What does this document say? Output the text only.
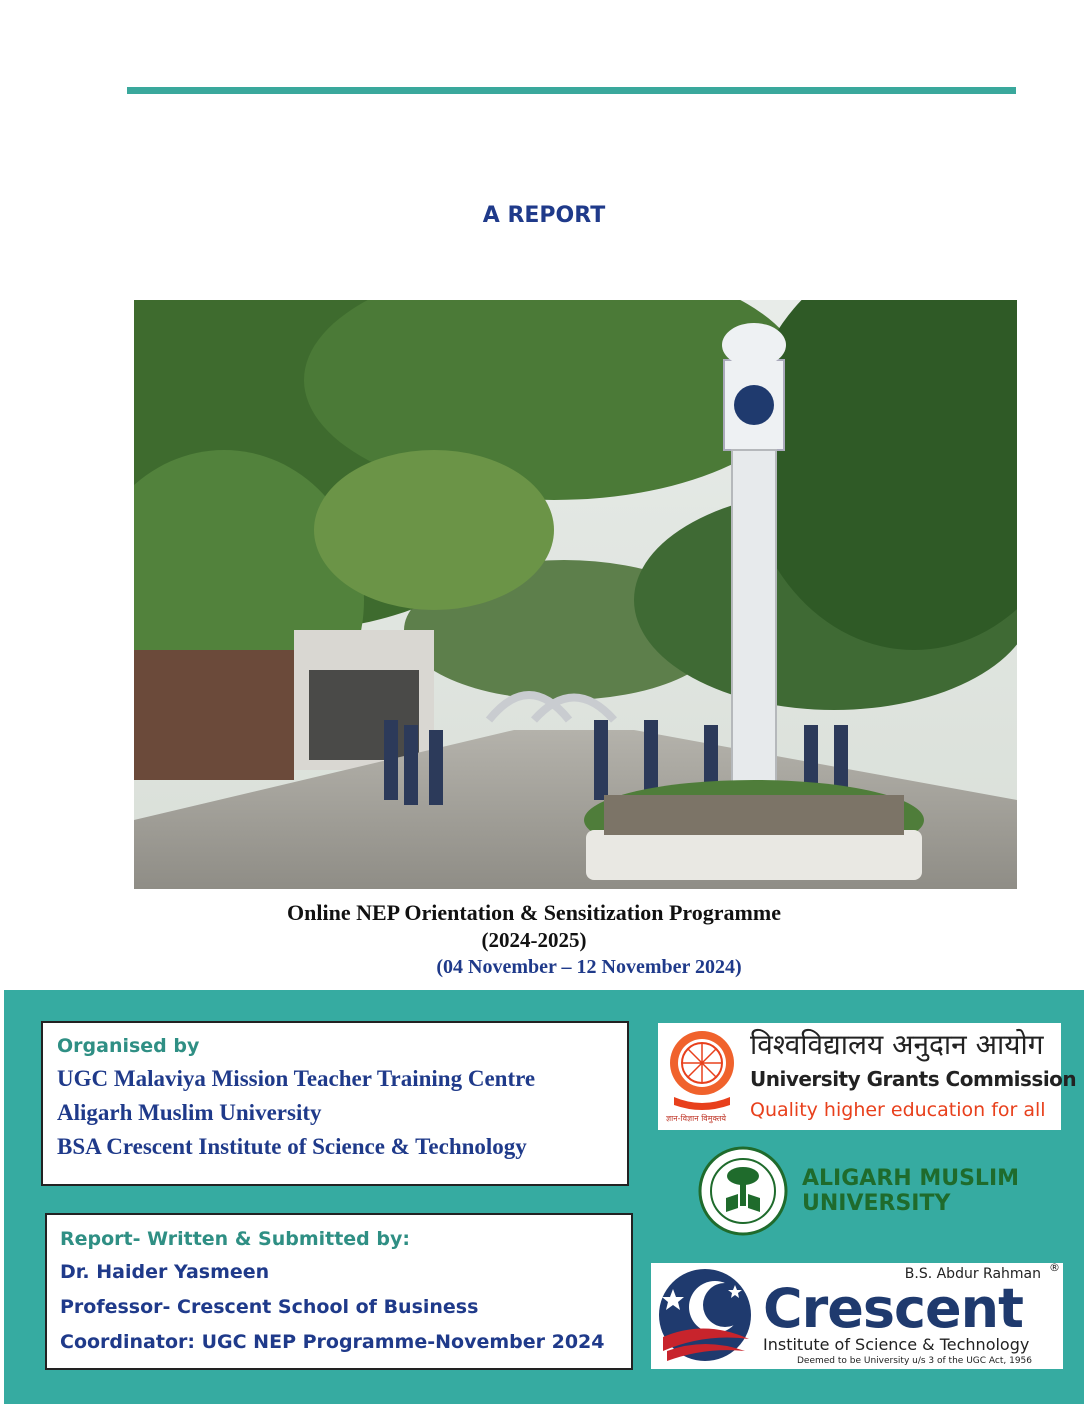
A REPORT
Online NEP Orientation & Sensitization Programme
(2024-2025)
(04 November – 12 November 2024)
Organised by
UGC Malaviya Mission Teacher Training Centre
Aligarh Muslim University
BSA Crescent Institute of Science & Technology
Report- Written & Submitted by:
Dr. Haider Yasmeen
Professor- Crescent School of Business
Coordinator: UGC NEP Programme-November 2024
विश्वविद्यालय अनुदान आयोग
University Grants Commission
Quality higher education for all
ज्ञान-विज्ञान विमुक्तये
ALIGARH MUSLIM
UNIVERSITY
B.S. Abdur Rahman ®
Crescent
Institute of Science & Technology
Deemed to be University u/s 3 of the UGC Act, 1956
